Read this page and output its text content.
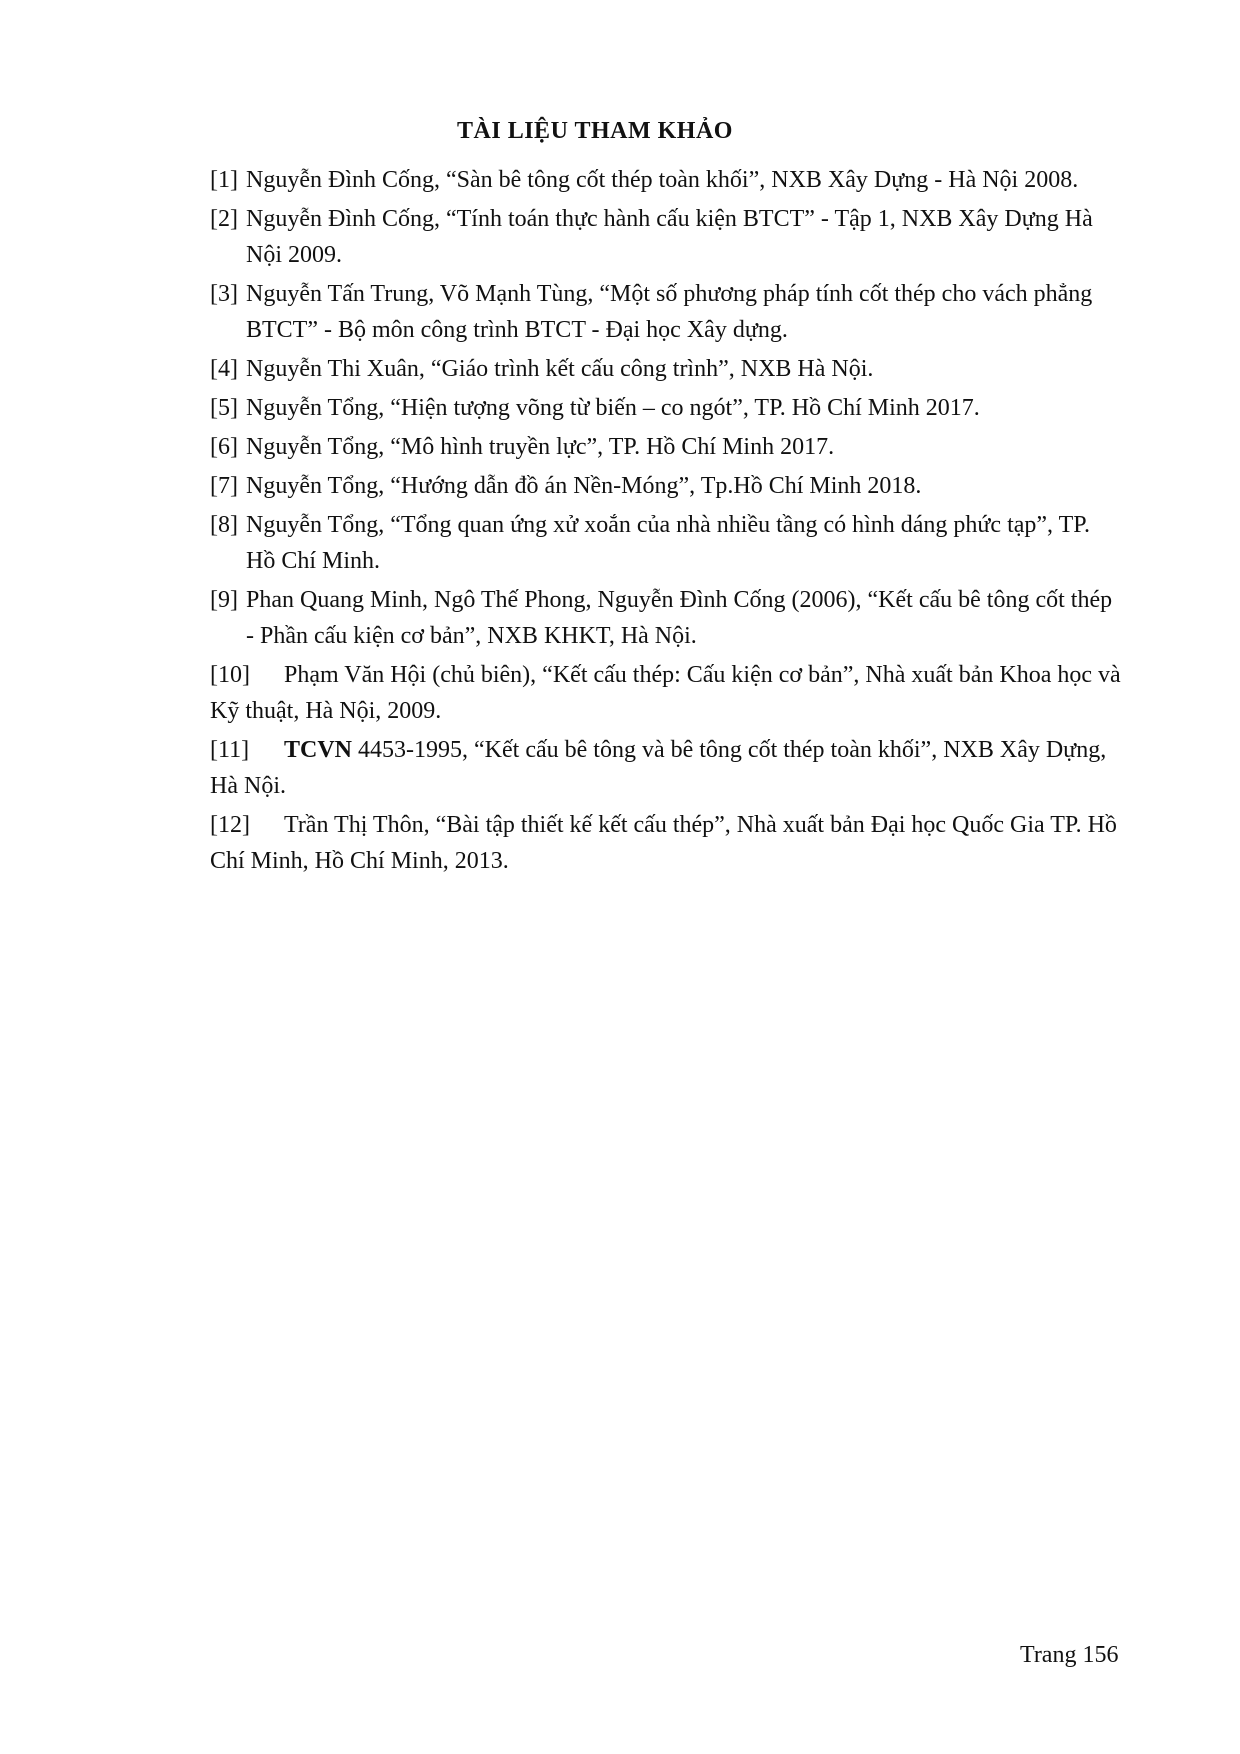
TÀI LIỆU THAM KHẢO
[1] Nguyễn Đình Cống, “Sàn bê tông cốt thép toàn khối”, NXB Xây Dựng - Hà Nội 2008.
[2] Nguyễn Đình Cống, “Tính toán thực hành cấu kiện BTCT” - Tập 1, NXB Xây Dựng Hà Nội 2009.
[3] Nguyễn Tấn Trung, Võ Mạnh Tùng, “Một số phương pháp tính cốt thép cho vách phẳng
BTCT” - Bộ môn công trình BTCT - Đại học Xây dựng.
[4] Nguyễn Thi Xuân, “Giáo trình kết cấu công trình”, NXB Hà Nội.
[5] Nguyễn Tổng, “Hiện tượng võng từ biến – co ngót”, TP. Hồ Chí Minh 2017.
[6] Nguyễn Tổng, “Mô hình truyền lực”, TP. Hồ Chí Minh 2017.
[7] Nguyễn Tổng, “Hướng dẫn đồ án Nền-Móng”, Tp.Hồ Chí Minh 2018.
[8] Nguyễn Tổng, “Tổng quan ứng xử xoắn của nhà nhiều tầng có hình dáng phức tạp”, TP. Hồ Chí Minh.
[9] Phan Quang Minh, Ngô Thế Phong, Nguyễn Đình Cống (2006), “Kết cấu bê tông cốt thép - Phần cấu kiện cơ bản”, NXB KHKT, Hà Nội.
[10] Phạm Văn Hội (chủ biên), “Kết cấu thép: Cấu kiện cơ bản”, Nhà xuất bản Khoa học và Kỹ thuật, Hà Nội, 2009.
[11] TCVN 4453-1995, “Kết cấu bê tông và bê tông cốt thép toàn khối”, NXB Xây Dựng, Hà Nội.
[12] Trần Thị Thôn, “Bài tập thiết kế kết cấu thép”, Nhà xuất bản Đại học Quốc Gia TP. Hồ Chí Minh, Hồ Chí Minh, 2013.
Trang 156
